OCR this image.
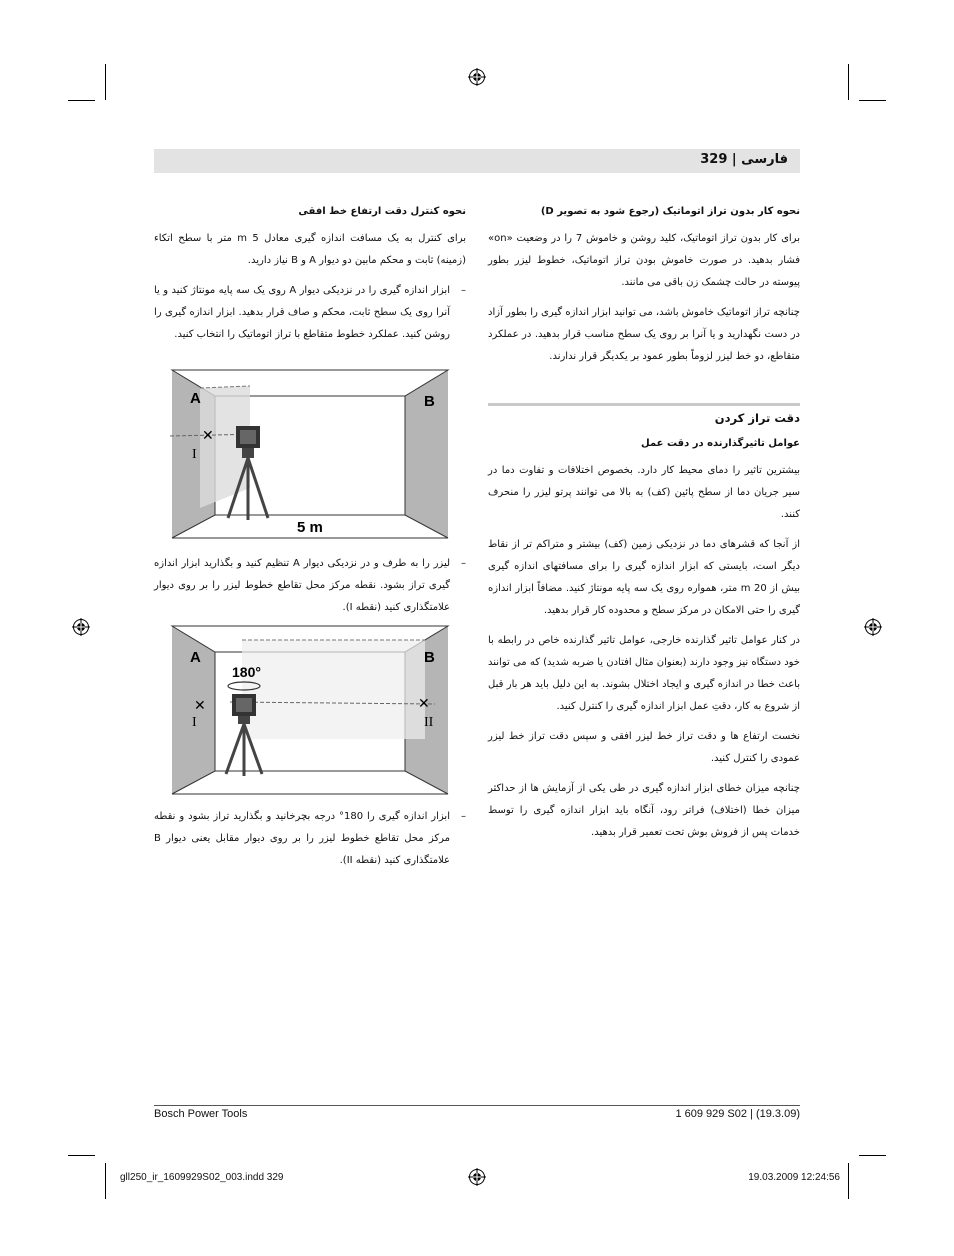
فارسی | 329
نحوه کار بدون تراز اتوماتیک (رجوع شود به تصویر D)

برای کار بدون تراز اتوماتیک، کلید روشن و خاموش 7 را در وضعیت «on» فشار بدهید. در صورت خاموش بودن تراز اتوماتیک، خطوط لیزر بطور پیوسته در حالت چشمک زن باقی می مانند.

چنانچه تراز اتوماتیک خاموش باشد، می توانید ابزار اندازه گیری را بطور آزاد در دست نگهدارید و یا آنرا بر روی یک سطح مناسب قرار بدهید. در عملکرد متقاطع، دو خط لیزر لزوماً بطور عمود بر یکدیگر قرار ندارند.

دقت تراز کردن
عوامل تاثیرگذارنده در دقت عمل

بیشترین تاثیر را دمای محیط کار دارد. بخصوص اختلافات و تفاوت دما در سیر جریان دما از سطح پائین (کف) به بالا می توانند پرتو لیزر را منحرف کنند.

از آنجا که قشرهای دما در نزدیکی زمین (کف) بیشتر و متراکم تر از نقاط دیگر است، بایستی که ابزار اندازه گیری را برای مسافتهای اندازه گیری بیش از 20 m متر، همواره روی یک سه پایه مونتاژ کنید. مضافاً ابزار اندازه گیری را حتی الامکان در مرکز سطح و محدوده کار قرار بدهید.

در کنار عوامل تاثیر گذارنده خارجی، عوامل تاثیر گذارنده خاص در رابطه با خود دستگاه نیز وجود دارند (بعنوان مثال افتادن یا ضربه شدید) که می توانند باعث خطا در اندازه گیری و ایجاد اختلال بشوند. به این دلیل باید هر بار قبل از شروع به کار، دقتِ عمل ابزار اندازه گیری را کنترل کنید.

نخست ارتفاع ها و دقت تراز خط لیزر افقی و سپس دقت تراز خط لیزر عمودی را کنترل کنید.

چنانچه میزان خطای ابزار اندازه گیری در طی یکی از آزمایش ها از حداکثر میزان خطا (اختلاف) فراتر رود، آنگاه باید ابزار اندازه گیری را توسط خدمات پس از فروش بوش تحت تعمیر قرار بدهید.

نحوه کنترل دقت ارتفاع خط افقی

برای کنترل به یک مسافت اندازه گیری معادل 5 m متر با سطح اتکاء (زمینه) ثابت و محکم مابین دو دیوار A و B نیاز دارید.

–
ابزار اندازه گیری را در نزدیکی دیوار A روی یک سه پایه مونتاژ کنید و یا آنرا روی یک سطح ثابت، محکم و صاف قرار بدهید. ابزار اندازه گیری را روشن کنید. عملکرد خطوط متقاطع با تراز اتوماتیک را انتخاب کنید.
✕
A	B
I
5 m
–
لیزر را به طرف و در نزدیکی دیوار A تنظیم کنید و بگذارید ابزار اندازه گیری تراز بشود. نقطه مرکز محل تقاطع خطوط لیزر را بر روی دیوار علامتگذاری کنید (نقطه I).
✕	✕
A	B
180°
I	II
–
ابزار اندازه گیری را 180° درجه بچرخانید و بگذارید تراز بشود و نقطه مرکز محل تقاطع خطوط لیزر را بر روی دیوار مقابل یعنی دیوار B علامتگذاری کنید (نقطه II).
Bosch Power Tools	1 609 929 S02 | (19.3.09)
gll250_ir_1609929S02_003.indd 329	19.03.2009 12:24:56
